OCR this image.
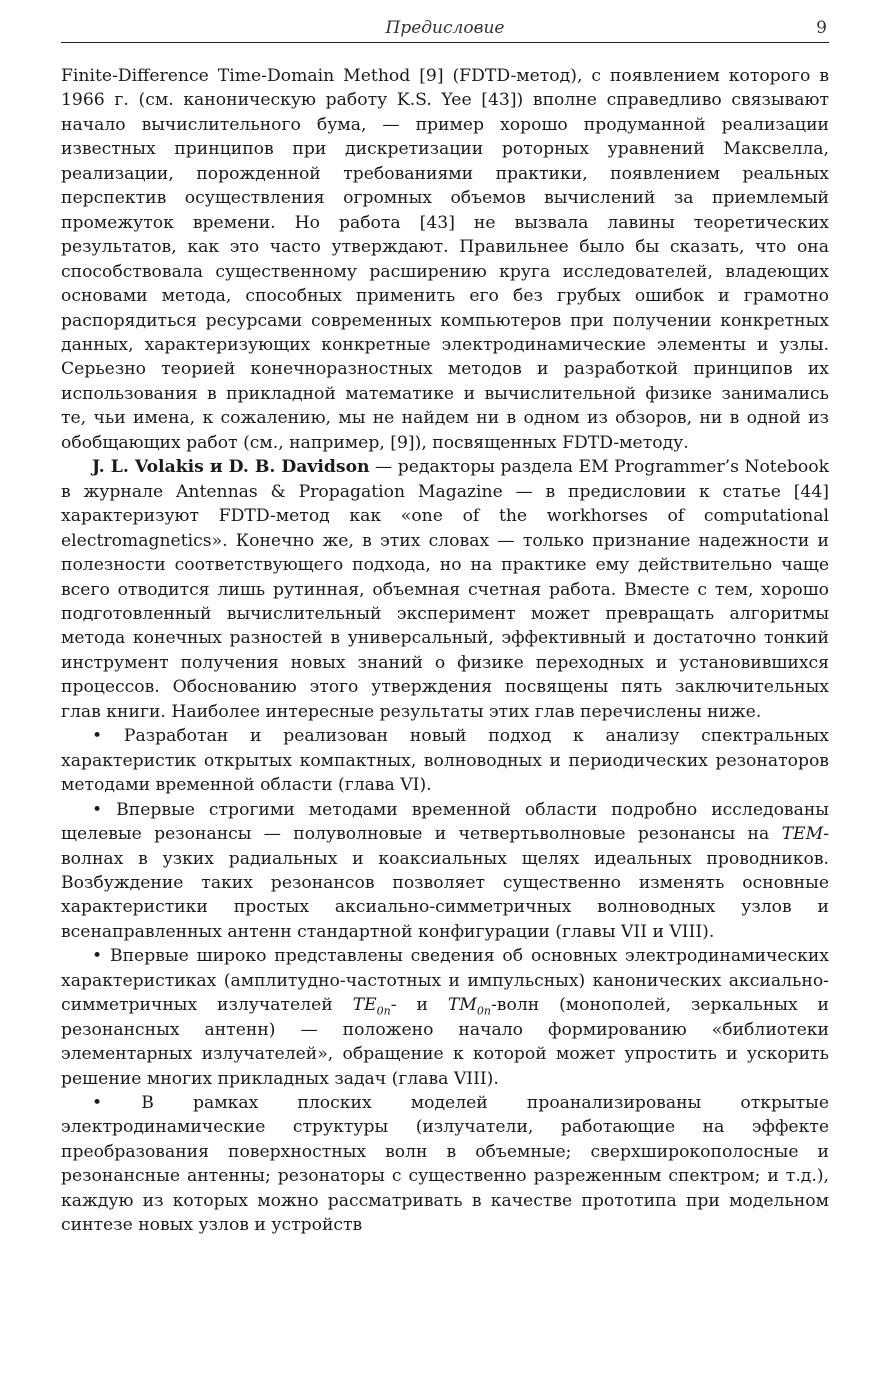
Предисловие	9

Finite-Difference Time-Domain Method [9] (FDTD-метод), с появлением которого в 1966 г. (см. каноническую работу K.S. Yee [43]) вполне справедливо связывают начало вычислительного бума, — пример хорошо продуманной реализации известных принципов при дискретизации роторных уравнений Максвелла, реализации, порожденной требованиями практики, появлением реальных перспектив осуществления огромных объемов вычислений за приемлемый промежуток времени. Но работа [43] не вызвала лавины теоретических результатов, как это часто утверждают. Правильнее было бы сказать, что она способствовала существенному расширению круга исследователей, владеющих основами метода, способных применить его без грубых ошибок и грамотно распорядиться ресурсами современных компьютеров при получении конкретных данных, характеризующих конкретные электродинамические элементы и узлы. Серьезно теорией конечноразностных методов и разработкой принципов их использования в прикладной математике и вычислительной физике занимались те, чьи имена, к сожалению, мы не найдем ни в одном из обзоров, ни в одной из обобщающих работ (см., например, [9]), посвященных FDTD-методу.

J. L. Volakis и D. B. Davidson — редакторы раздела EM Programmer’s Notebook в журнале Antennas & Propagation Magazine — в предисловии к статье [44] характеризуют FDTD-метод как «one of the workhorses of computational electromagnetics». Конечно же, в этих словах — только признание надежности и полезности соответствующего подхода, но на практике ему действительно чаще всего отводится лишь рутинная, объемная счетная работа. Вместе с тем, хорошо подготовленный вычислительный эксперимент может превращать алгоритмы метода конечных разностей в универсальный, эффективный и достаточно тонкий инструмент получения новых знаний о физике переходных и установившихся процессов. Обоснованию этого утверждения посвящены пять заключительных глав книги. Наиболее интересные результаты этих глав перечислены ниже.

• Разработан и реализован новый подход к анализу спектральных характеристик открытых компактных, волноводных и периодических резонаторов методами временной области (глава VI).

• Впервые строгими методами временной области подробно исследованы щелевые резонансы — полуволновые и четвертьволновые резонансы на TEM-волнах в узких радиальных и коаксиальных щелях идеальных проводников. Возбуждение таких резонансов позволяет существенно изменять основные характеристики простых аксиально-симметричных волноводных узлов и всенаправленных антенн стандартной конфигурации (главы VII и VIII).

• Впервые широко представлены сведения об основных электродинамических характеристиках (амплитудно-частотных и импульсных) канонических аксиально-симметричных излучателей $TE_{0n}-$ и $TM_{0n}$-волн (монополей, зеркальных и резонансных антенн) — положено начало формированию «библиотеки элементарных излучателей», обращение к которой может упростить и ускорить решение многих прикладных задач (глава VIII).

• В рамках плоских моделей проанализированы открытые электродинамические структуры (излучатели, работающие на эффекте преобразования поверхностных волн в объемные; сверхширокополосные и резонансные антенны; резонаторы с существенно разреженным спектром; и т.д.), каждую из которых можно рассматривать в качестве прототипа при модельном синтезе новых узлов и устройств
